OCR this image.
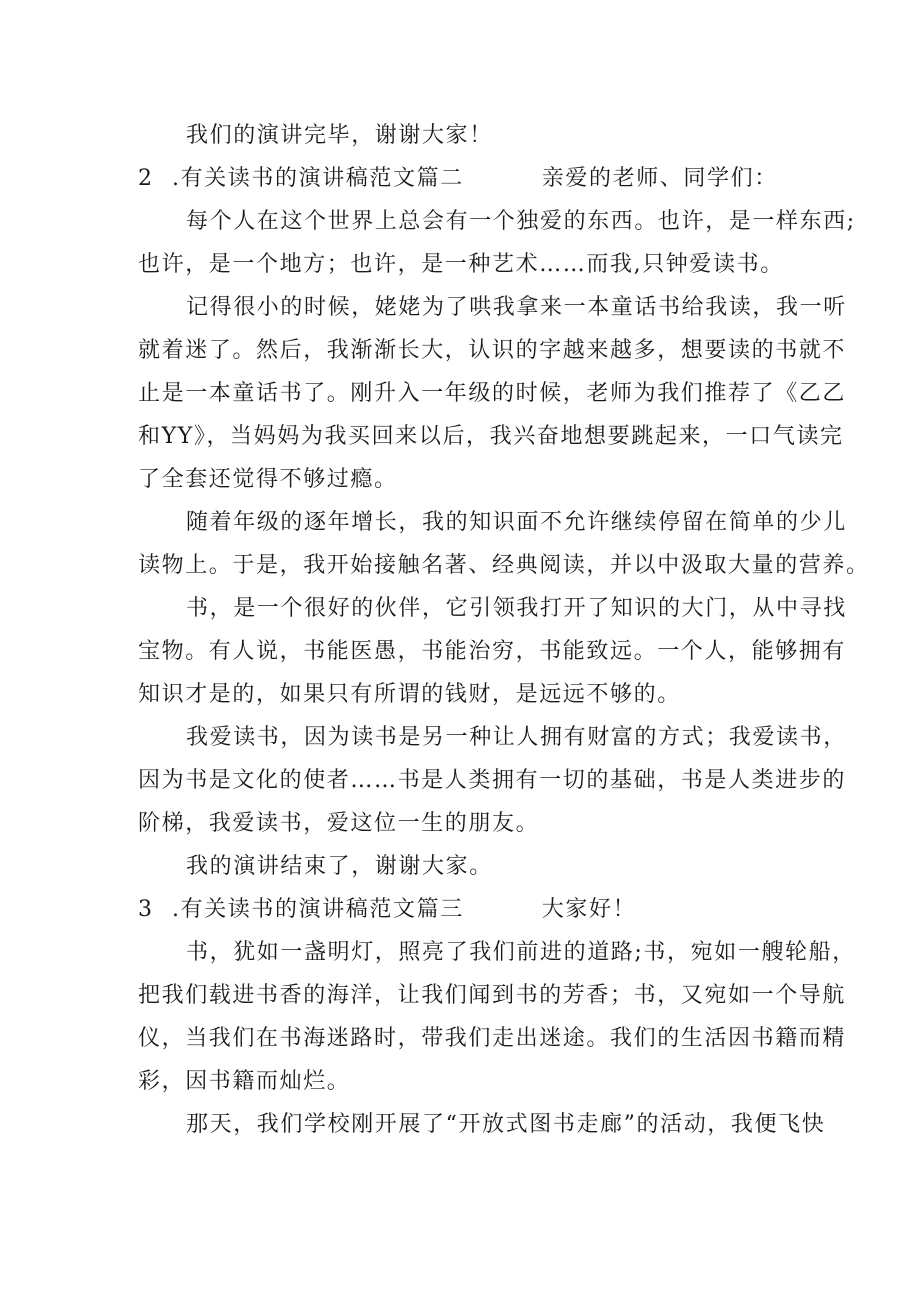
我们的演讲完毕，谢谢大家！
2 .有关读书的演讲稿范文篇二	亲爱的老师、同学们：
每个人在这个世界上总会有一个独爱的东西。也许，是一样东西;
也许，是一个地方；也许，是一种艺术……而我,只钟爱读书。
记得很小的时候，姥姥为了哄我拿来一本童话书给我读，我一听
就着迷了。然后，我渐渐长大，认识的字越来越多，想要读的书就不
止是一本童话书了。刚升入一年级的时候，老师为我们推荐了《乙乙
和YY》，当妈妈为我买回来以后，我兴奋地想要跳起来，一口气读完
了全套还觉得不够过瘾。
随着年级的逐年增长，我的知识面不允许继续停留在简单的少儿
读物上。于是，我开始接触名著、经典阅读，并以中汲取大量的营养。
书，是一个很好的伙伴，它引领我打开了知识的大门，从中寻找
宝物。有人说，书能医愚，书能治穷，书能致远。一个人，能够拥有
知识才是的，如果只有所谓的钱财，是远远不够的。
我爱读书，因为读书是另一种让人拥有财富的方式；我爱读书，
因为书是文化的使者……书是人类拥有一切的基础，书是人类进步的
阶梯，我爱读书，爱这位一生的朋友。
我的演讲结束了，谢谢大家。
3 .有关读书的演讲稿范文篇三	大家好！
书，犹如一盏明灯，照亮了我们前进的道路;书，宛如一艘轮船，
把我们载进书香的海洋，让我们闻到书的芳香；书，又宛如一个导航
仪，当我们在书海迷路时，带我们走出迷途。我们的生活因书籍而精
彩，因书籍而灿烂。
那天，我们学校刚开展了“开放式图书走廊”的活动，我便飞快
